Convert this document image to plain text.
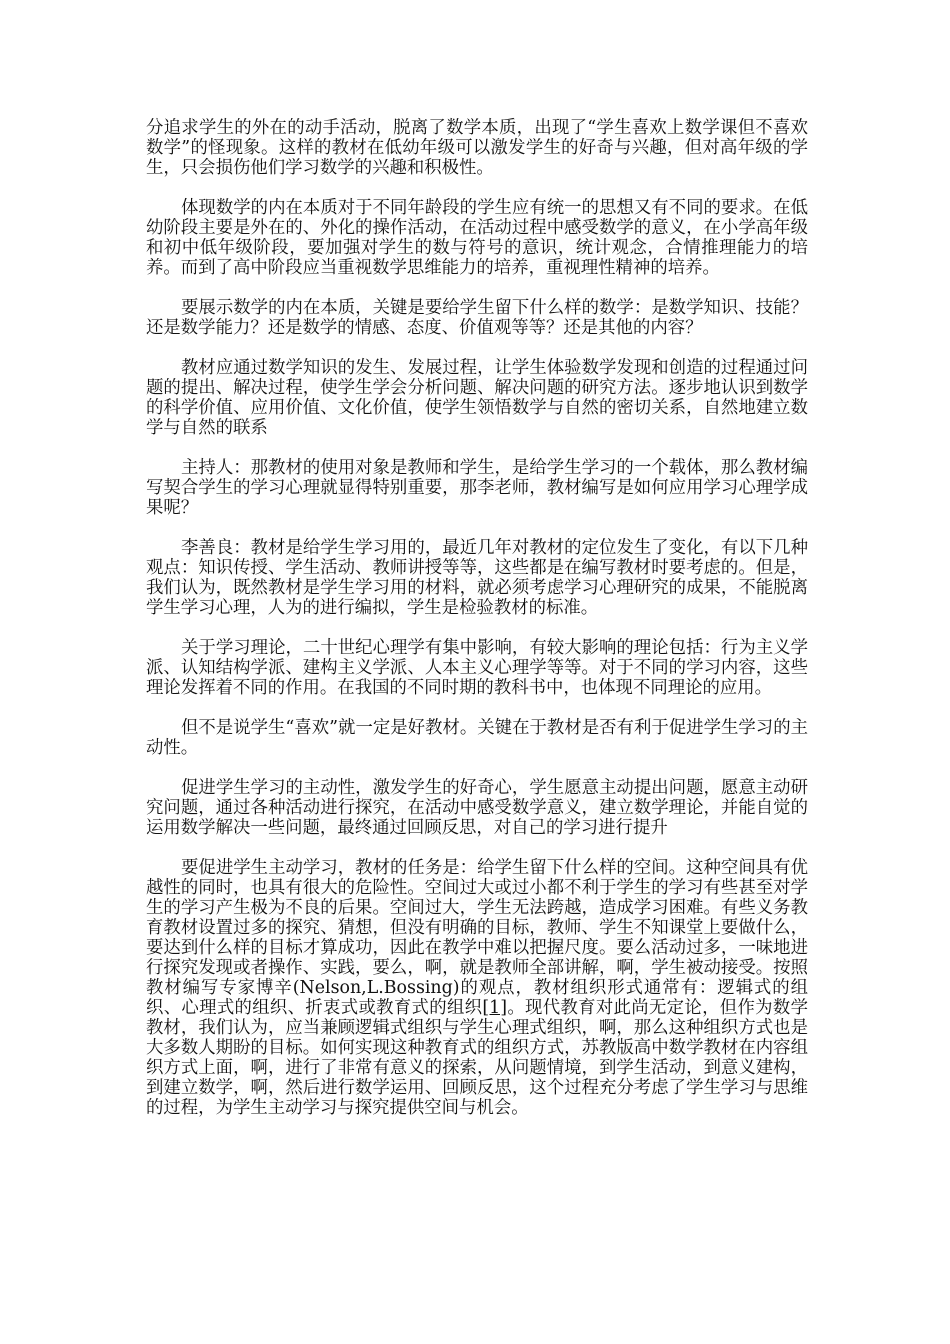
分追求学生的外在的动手活动，脱离了数学本质，出现了“学生喜欢上数学课但不喜欢数学”的怪现象。这样的教材在低幼年级可以激发学生的好奇与兴趣，但对高年级的学生，只会损伤他们学习数学的兴趣和积极性。

体现数学的内在本质对于不同年龄段的学生应有统一的思想又有不同的要求。在低幼阶段主要是外在的、外化的操作活动，在活动过程中感受数学的意义，在小学高年级和初中低年级阶段，要加强对学生的数与符号的意识，统计观念，合情推理能力的培养。而到了高中阶段应当重视数学思维能力的培养，重视理性精神的培养。

要展示数学的内在本质，关键是要给学生留下什么样的数学：是数学知识、技能？还是数学能力？还是数学的情感、态度、价值观等等？还是其他的内容？

教材应通过数学知识的发生、发展过程，让学生体验数学发现和创造的过程通过问题的提出、解决过程，使学生学会分析问题、解决问题的研究方法。逐步地认识到数学的科学价值、应用价值、文化价值，使学生领悟数学与自然的密切关系，自然地建立数学与自然的联系

主持人：那教材的使用对象是教师和学生，是给学生学习的一个载体，那么教材编写契合学生的学习心理就显得特别重要，那李老师，教材编写是如何应用学习心理学成果呢？

李善良：教材是给学生学习用的，最近几年对教材的定位发生了变化，有以下几种观点：知识传授、学生活动、教师讲授等等，这些都是在编写教材时要考虑的。但是，我们认为，既然教材是学生学习用的材料，就必须考虑学习心理研究的成果，不能脱离学生学习心理，人为的进行编拟，学生是检验教材的标准。

关于学习理论，二十世纪心理学有集中影响，有较大影响的理论包括：行为主义学派、认知结构学派、建构主义学派、人本主义心理学等等。对于不同的学习内容，这些理论发挥着不同的作用。在我国的不同时期的教科书中，也体现不同理论的应用。

但不是说学生“喜欢”就一定是好教材。关键在于教材是否有利于促进学生学习的主动性。

促进学生学习的主动性，激发学生的好奇心，学生愿意主动提出问题，愿意主动研究问题，通过各种活动进行探究，在活动中感受数学意义，建立数学理论，并能自觉的运用数学解决一些问题，最终通过回顾反思，对自己的学习进行提升

要促进学生主动学习，教材的任务是：给学生留下什么样的空间。这种空间具有优越性的同时，也具有很大的危险性。空间过大或过小都不利于学生的学习有些甚至对学生的学习产生极为不良的后果。空间过大，学生无法跨越，造成学习困难。有些义务教育教材设置过多的探究、猜想，但没有明确的目标，教师、学生不知课堂上要做什么，要达到什么样的目标才算成功，因此在教学中难以把握尺度。要么活动过多，一味地进行探究发现或者操作、实践，要么，啊，就是教师全部讲解，啊，学生被动接受。按照教材编写专家博辛(Nelson,L.Bossing)的观点，教材组织形式通常有：逻辑式的组织、心理式的组织、折衷式或教育式的组织[1]。现代教育对此尚无定论，但作为数学教材，我们认为，应当兼顾逻辑式组织与学生心理式组织，啊，那么这种组织方式也是大多数人期盼的目标。如何实现这种教育式的组织方式，苏教版高中数学教材在内容组织方式上面，啊，进行了非常有意义的探索，从问题情境，到学生活动，到意义建构，到建立数学，啊，然后进行数学运用、回顾反思，这个过程充分考虑了学生学习与思维的过程，为学生主动学习与探究提供空间与机会。
